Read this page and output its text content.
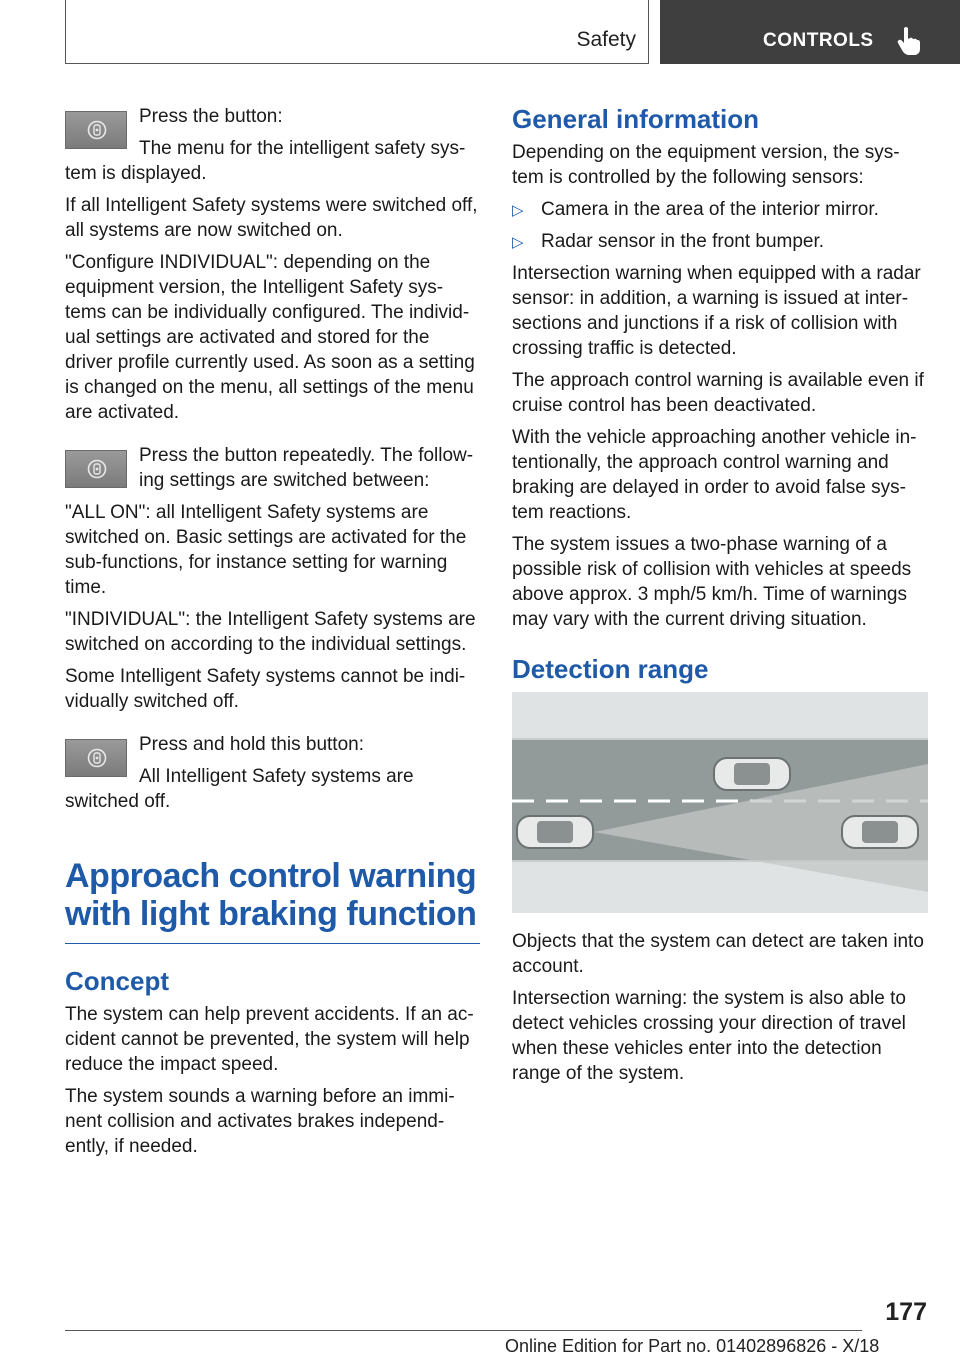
Safety	CONTROLS

Press the button:

The menu for the intelligent safety sys-tem is displayed.

If all Intelligent Safety systems were switched off, all systems are now switched on.

"Configure INDIVIDUAL": depending on the equipment version, the Intelligent Safety sys-tems can be individually configured. The individ-ual settings are activated and stored for the driver profile currently used. As soon as a setting is changed on the menu, all settings of the menu are activated.

Press the button repeatedly. The follow-ing settings are switched between:

"ALL ON": all Intelligent Safety systems are switched on. Basic settings are activated for the sub-functions, for instance setting for warning time.

"INDIVIDUAL": the Intelligent Safety systems are switched on according to the individual settings.

Some Intelligent Safety systems cannot be indi-vidually switched off.

Press and hold this button:

All Intelligent Safety systems are switched off.

Approach control warning with light braking function
Concept

The system can help prevent accidents. If an ac-cident cannot be prevented, the system will help reduce the impact speed.

The system sounds a warning before an immi-nent collision and activates brakes independ-ently, if needed.

General information

Depending on the equipment version, the sys-tem is controlled by the following sensors:

▷ Camera in the area of the interior mirror.
▷ Radar sensor in the front bumper.

Intersection warning when equipped with a radar sensor: in addition, a warning is issued at inter-sections and junctions if a risk of collision with crossing traffic is detected.

The approach control warning is available even if cruise control has been deactivated.

With the vehicle approaching another vehicle in-tentionally, the approach control warning and braking are delayed in order to avoid false sys-tem reactions.

The system issues a two-phase warning of a possible risk of collision with vehicles at speeds above approx. 3 mph/5 km/h. Time of warnings may vary with the current driving situation.

Detection range

Objects that the system can detect are taken into account.

Intersection warning: the system is also able to detect vehicles crossing your direction of travel when these vehicles enter into the detection range of the system.

177
Online Edition for Part no. 01402896826 - X/18
